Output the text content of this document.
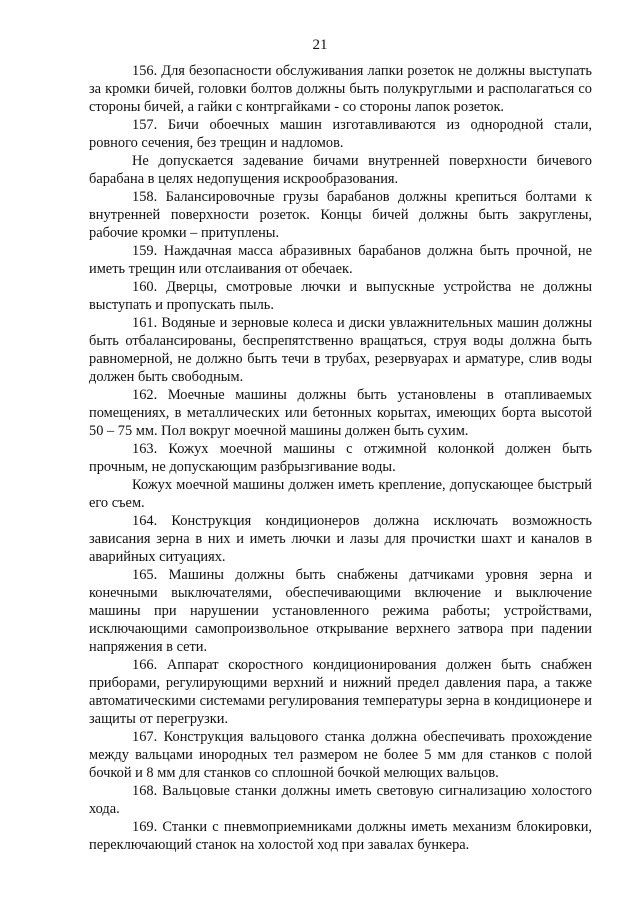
21

156. Для безопасности обслуживания лапки розеток не должны выступать за кромки бичей, головки болтов должны быть полукруглыми и располагаться со стороны бичей, а гайки с контргайками - со стороны лапок розеток.

157. Бичи обоечных машин изготавливаются из однородной стали, ровного сечения, без трещин и надломов.

Не допускается задевание бичами внутренней поверхности бичевого барабана в целях недопущения искрообразования.

158. Балансировочные грузы барабанов должны крепиться болтами к внутренней поверхности розеток. Концы бичей должны быть закруглены, рабочие кромки – притуплены.

159. Наждачная масса абразивных барабанов должна быть прочной, не иметь трещин или отслаивания от обечаек.

160. Дверцы, смотровые лючки и выпускные устройства не должны выступать и пропускать пыль.

161. Водяные и зерновые колеса и диски увлажнительных машин должны быть отбалансированы, беспрепятственно вращаться, струя воды должна быть равномерной, не должно быть течи в трубах, резервуарах и арматуре, слив воды должен быть свободным.

162. Моечные машины должны быть установлены в отапливаемых помещениях, в металлических или бетонных корытах, имеющих борта высотой 50 – 75 мм. Пол вокруг моечной машины должен быть сухим.

163. Кожух моечной машины с отжимной колонкой должен быть прочным, не допускающим разбрызгивание воды.

Кожух моечной машины должен иметь крепление, допускающее быстрый его съем.

164. Конструкция кондиционеров должна исключать возможность зависания зерна в них и иметь лючки и лазы для прочистки шахт и каналов в аварийных ситуациях.

165. Машины должны быть снабжены датчиками уровня зерна и конечными выключателями, обеспечивающими включение и выключение машины при нарушении установленного режима работы; устройствами, исключающими самопроизвольное открывание верхнего затвора при падении напряжения в сети.

166. Аппарат скоростного кондиционирования должен быть снабжен приборами, регулирующими верхний и нижний предел давления пара, а также автоматическими системами регулирования температуры зерна в кондиционере и защиты от перегрузки.

167. Конструкция вальцового станка должна обеспечивать прохождение между вальцами инородных тел размером не более 5 мм для станков с полой бочкой и 8 мм для станков со сплошной бочкой мелющих вальцов.

168. Вальцовые станки должны иметь световую сигнализацию холостого хода.

169. Станки с пневмоприемниками должны иметь механизм блокировки, переключающий станок на холостой ход при завалах бункера.
